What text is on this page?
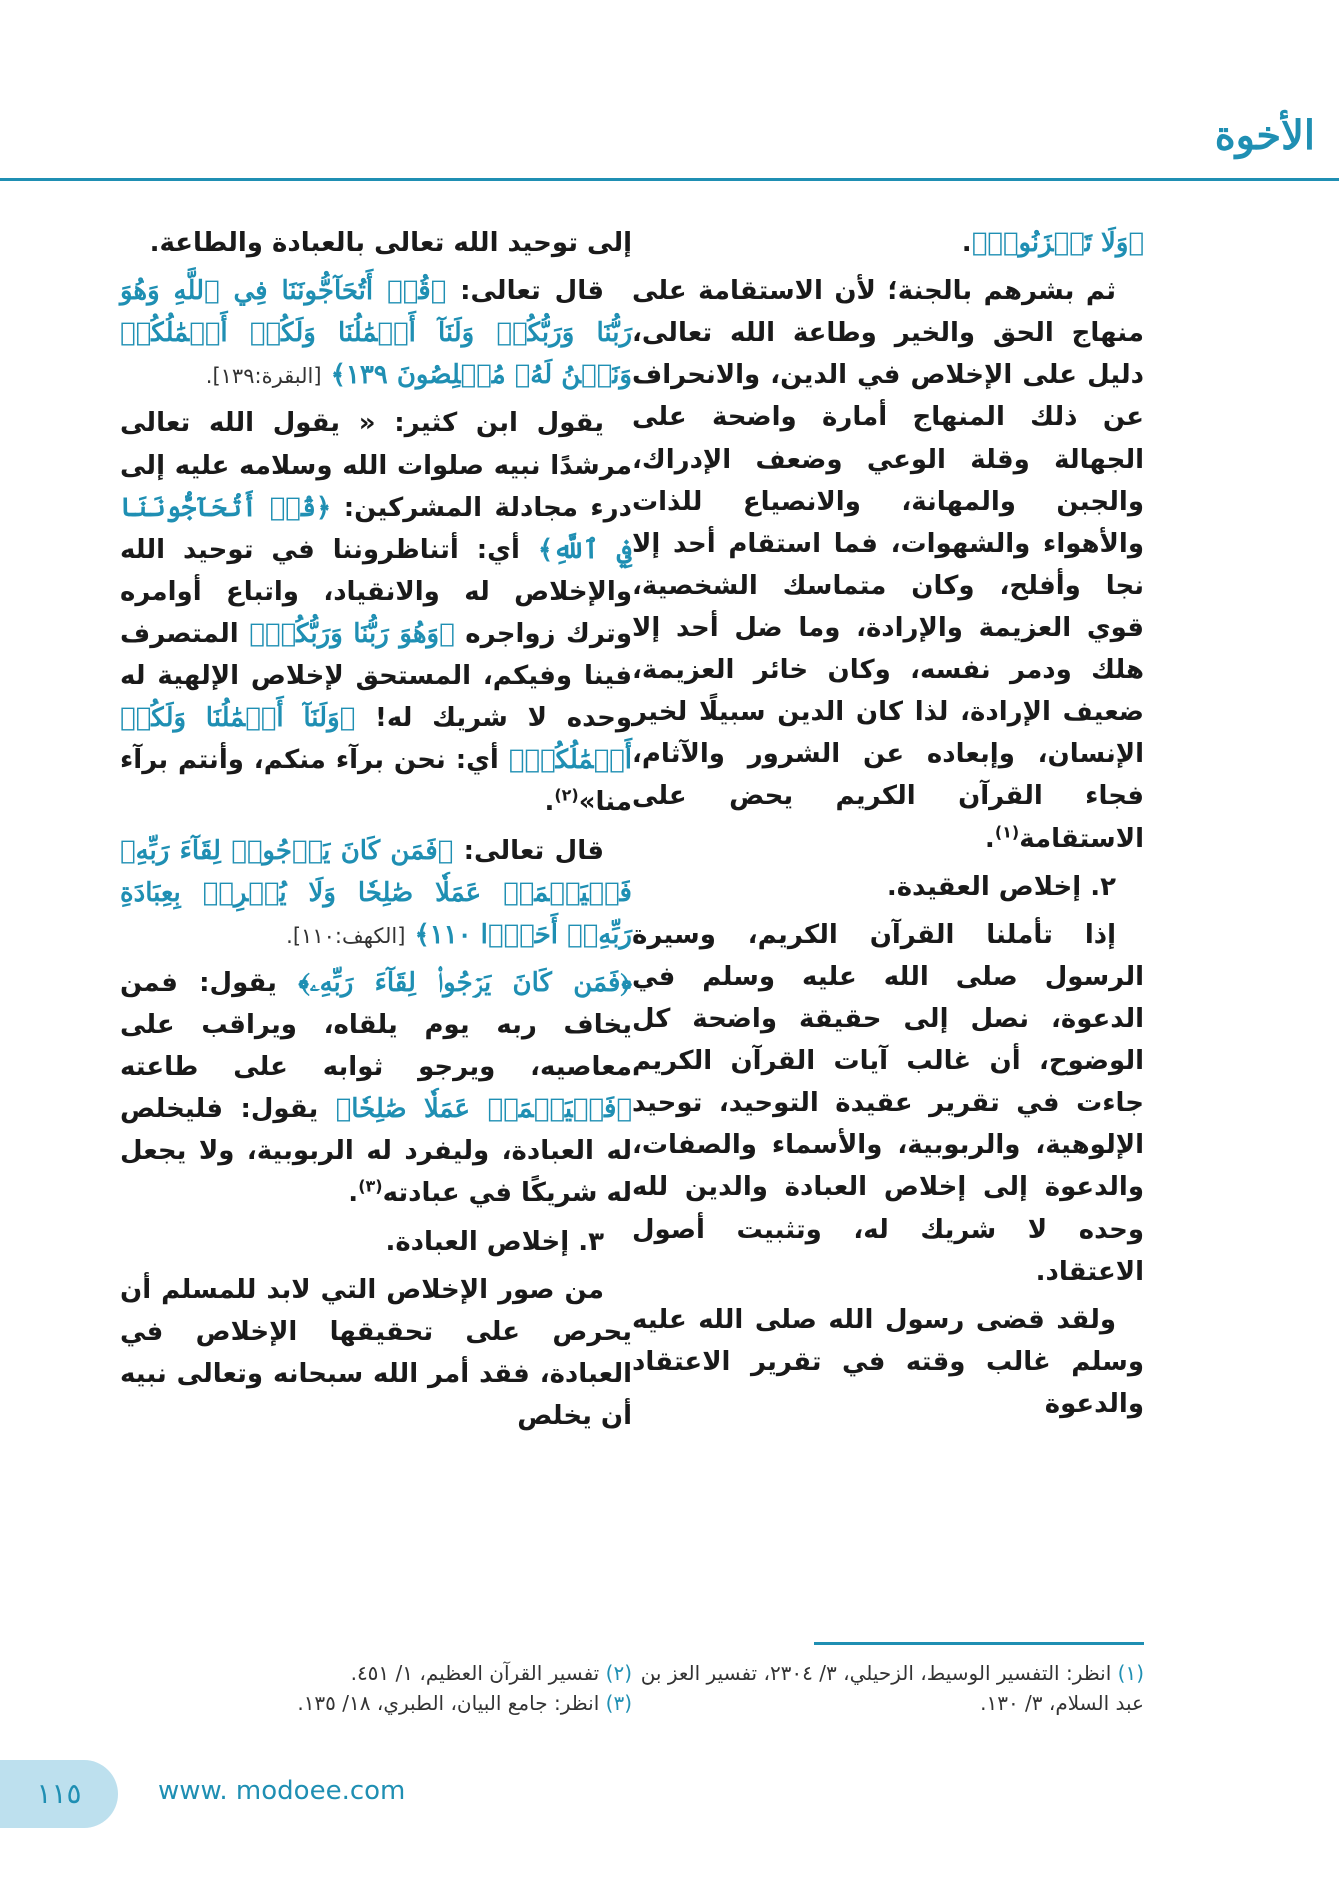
الأخوة

﴿وَلَا تَحۡزَنُوا۟﴾.

ثم بشرهم بالجنة؛ لأن الاستقامة على منهاج الحق والخير وطاعة الله تعالى، دليل على الإخلاص في الدين، والانحراف عن ذلك المنهاج أمارة واضحة على الجهالة وقلة الوعي وضعف الإدراك، والجبن والمهانة، والانصياع للذات والأهواء والشهوات، فما استقام أحد إلا نجا وأفلح، وكان متماسك الشخصية، قوي العزيمة والإرادة، وما ضل أحد إلا هلك ودمر نفسه، وكان خائر العزيمة، ضعيف الإرادة، لذا كان الدين سبيلًا لخير الإنسان، وإبعاده عن الشرور والآثام، فجاء القرآن الكريم يحض على الاستقامة$^{(١)}$.

٢. إخلاص العقيدة.

إذا تأملنا القرآن الكريم، وسيرة الرسول صلى الله عليه وسلم في الدعوة، نصل إلى حقيقة واضحة كل الوضوح، أن غالب آيات القرآن الكريم جاءت في تقرير عقيدة التوحيد، توحيد الإلوهية، والربوبية، والأسماء والصفات، والدعوة إلى إخلاص العبادة والدين لله وحده لا شريك له، وتثبيت أصول الاعتقاد.

ولقد قضى رسول الله صلى الله عليه وسلم غالب وقته في تقرير الاعتقاد والدعوة

إلى توحيد الله تعالى بالعبادة والطاعة.

قال تعالى: ﴿قُلۡ أَتُحَآجُّونَنَا فِي ٱللَّهِ وَهُوَ رَبُّنَا وَرَبُّكُمۡ وَلَنَآ أَعۡمَٰلُنَا وَلَكُمۡ أَعۡمَٰلُكُمۡ وَنَحۡنُ لَهُۥ مُخۡلِصُونَ ١٣٩﴾ [البقرة:١٣٩].

يقول ابن كثير: « يقول الله تعالى مرشدًا نبيه صلوات الله وسلامه عليه إلى درء مجادلة المشركين: ﴿قُلۡ أَتُحَآجُّونَنَا فِي ٱللَّهِ﴾ أي: أتناظروننا في توحيد الله والإخلاص له والانقياد، واتباع أوامره وترك زواجره ﴿وَهُوَ رَبُّنَا وَرَبُّكُمۡ﴾ المتصرف فينا وفيكم، المستحق لإخلاص الإلهية له وحده لا شريك له! ﴿وَلَنَآ أَعۡمَٰلُنَا وَلَكُمۡ أَعۡمَٰلُكُمۡ﴾ أي: نحن برآء منكم، وأنتم برآء منا»$^{(٢)}$.

قال تعالى: ﴿فَمَن كَانَ يَرۡجُوا۟ لِقَآءَ رَبِّهِۦ فَلۡيَعۡمَلۡ عَمَلٗا صَٰلِحٗا وَلَا يُشۡرِكۡ بِعِبَادَةِ رَبِّهِۦٓ أَحَدَۢا ١١٠﴾ [الكهف:١١٠].

﴿فَمَن كَانَ يَرۡجُوا۟ لِقَآءَ رَبِّهِۦ﴾ يقول: فمن يخاف ربه يوم يلقاه، ويراقب على معاصيه، ويرجو ثوابه على طاعته ﴿فَلۡيَعۡمَلۡ عَمَلٗا صَٰلِحٗا﴾ يقول: فليخلص له العبادة، وليفرد له الربوبية، ولا يجعل له شريكًا في عبادته$^{(٣)}$.

٣. إخلاص العبادة.

من صور الإخلاص التي لابد للمسلم أن يحرص على تحقيقها الإخلاص في العبادة، فقد أمر الله سبحانه وتعالى نبيه أن يخلص

(١) انظر: التفسير الوسيط، الزحيلي، ٣/ ٢٣٠٤، تفسير العز بن عبد السلام، ٣/ ١٣٠.

(٢) تفسير القرآن العظيم، ١/ ٤٥١.

(٣) انظر: جامع البيان، الطبري، ١٨/ ١٣٥.

١١٥	www. modoee.com
